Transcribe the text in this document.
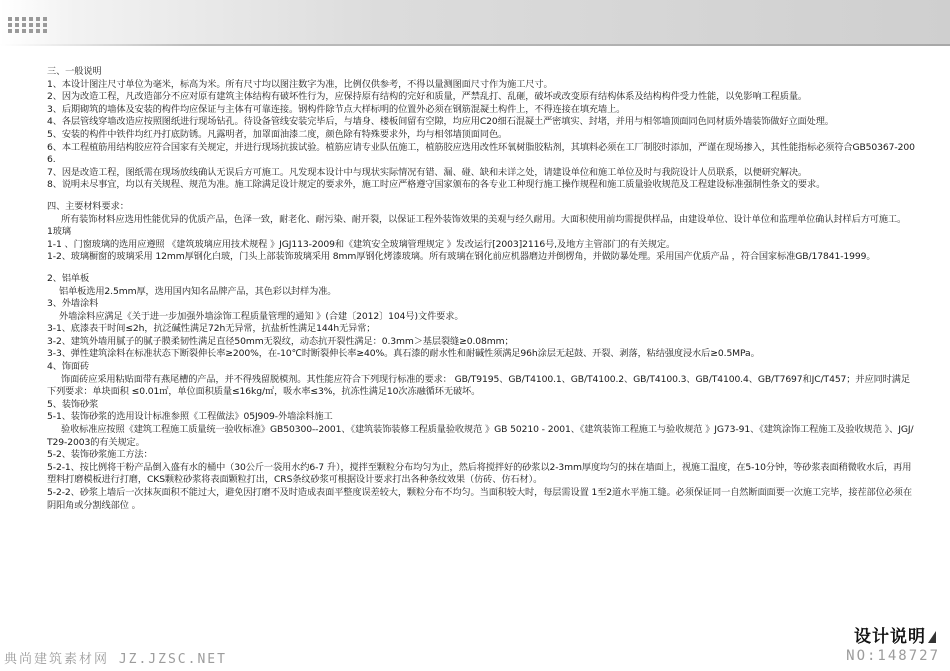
三、一般说明

1、本设计图注尺寸单位为毫米，标高为米。所有尺寸均以图注数字为准，比例仅供参考，不得以量测图面尺寸作为施工尺寸。

2、因为改造工程，凡改造部分不应对原有建筑主体结构有破坏性行为，应保持原有结构的完好和质量，严禁乱打、乱砸，破坏或改变原有结构体系及结构构件受力性能，以免影响工程质量。

3、后期砌筑的墙体及安装的构件均应保证与主体有可靠连接。钢构件除节点大样标明的位置外必须在钢筋混凝土构件上，不得连接在填充墙上。

4、各层管线穿墙改造应按照图纸进行现场钻孔。待设备管线安装完毕后，与墙身、楼板间留有空隙，均应用C20细石混凝土严密填实、封堵，并用与相邻墙顶面同色同材质外墙装饰做好立面处理。

5、安装的构件中铁件均红丹打底防锈。凡露明者，加罩面油漆二度，颜色除有特殊要求外，均与相邻墙顶面同色。

6、本工程植筋用结构胶应符合国家有关规定，并进行现场抗拔试验。植筋应请专业队伍施工，植筋胶应选用改性环氧树脂胶粘剂，其填料必须在工厂制胶时添加，严谨在现场掺入，其性能指标必须符合GB50367-2006.

7、因是改造工程，图纸需在现场放线确认无误后方可施工。凡发现本设计中与现状实际情况有错、漏、碰、缺和未详之处，请建设单位和施工单位及时与我院设计人员联系，以便研究解决。

8、说明未尽事宜，均以有关规程、规范为准。施工除满足设计规定的要求外，施工时应严格遵守国家颁布的各专业工种现行施工操作规程和施工质量验收规范及工程建设标准强制性条文的要求。

四、主要材料要求：

所有装饰材料应选用性能优异的优质产品，色泽一致，耐老化、耐污染、耐开裂，以保证工程外装饰效果的美观与经久耐用。大面积使用前均需提供样品，由建设单位、设计单位和监理单位确认封样后方可施工。

1玻璃

1-1 、门窗玻璃的选用应遵照 《建筑玻璃应用技术规程 》JGJ113-2009和《建筑安全玻璃管理规定 》发改运行[2003]2116号,及地方主管部门的有关规定。

1-2、玻璃橱窗的玻璃采用 12mm厚钢化白玻，门头上部装饰玻璃采用 8mm厚钢化烤漆玻璃。所有玻璃在钢化前应机器磨边并倒楞角，并做防暴处理。采用国产优质产品 ，符合国家标准GB/17841-1999。

2、铝单板

铝单板选用2.5mm厚，选用国内知名品牌产品，其色彩以封样为准。

3、外墙涂料

外墙涂料应满足《关于进一步加强外墙涂饰工程质量管理的通知 》(合建〔2012〕104号)文件要求。

3-1、底漆表干时间≤2h，抗泛碱性满足72h无异常，抗盐析性满足144h无异常；

3-2、建筑外墙用腻子的腻子膜柔韧性满足直径50mm无裂纹，动态抗开裂性满足：0.3mm＞基层裂缝≥0.08mm；

3-3、弹性建筑涂料在标准状态下断裂伸长率≥200%，在-10℃时断裂伸长率≥40%。真石漆的耐水性和耐碱性须满足96h涂层无起鼓、开裂、剥落，粘结强度浸水后≥0.5MPa。

4、饰面砖

饰面砖应采用粘贴面带有燕尾槽的产品，并不得残留脱模剂。其性能应符合下列现行标准的要求： GB/T9195、GB/T4100.1、GB/T4100.2、GB/T4100.3、GB/T4100.4、GB/T7697和JC/T457；并应同时满足下列要求：单块面积 ≤0.01㎡，单位面积质量≤16kg/㎡，吸水率≤3%，抗冻性满足10次冻融循环无破坏。

5、装饰砂浆

5-1、装饰砂浆的选用设计标准参照《工程做法》05J909-外墙涂料施工

验收标准应按照《建筑工程施工质量统一验收标准》GB50300--2001、《建筑装饰装修工程质量验收规范 》GB 50210 - 2001、《建筑装饰工程施工与验收规范 》JG73-91、《建筑涂饰工程施工及验收规范 》、JGJ/T29-2003的有关规定。

5-2、装饰砂浆施工方法：

5-2-1、按比例将干粉产品倒入盛有水的桶中（30公斤一袋用水约6-7 升），搅拌至颗粒分布均匀为止，然后将搅拌好的砂浆以2-3mm厚度均匀的抹在墙面上，视施工温度，在5-10分钟，等砂浆表面稍微收水后，再用塑料打磨模板进行打磨，CKS颗粒砂浆将表面颗粒打出，CRS条纹砂浆可根据设计要求打出各种条纹效果（仿砖、仿石材）。

5-2-2、砂浆上墙后一次抹灰面积不能过大，避免因打磨不及时造成表面平整度误差较大，颗粒分布不均匀。当面积较大时，每层需设置 1至2道水平施工缝。必须保证同一自然断面面要一次施工完毕，接茬部位必须在阴阳角或分割线部位 。

设计说明
典尚建筑素材网 JZ.JZSC.NET	NO:148727
